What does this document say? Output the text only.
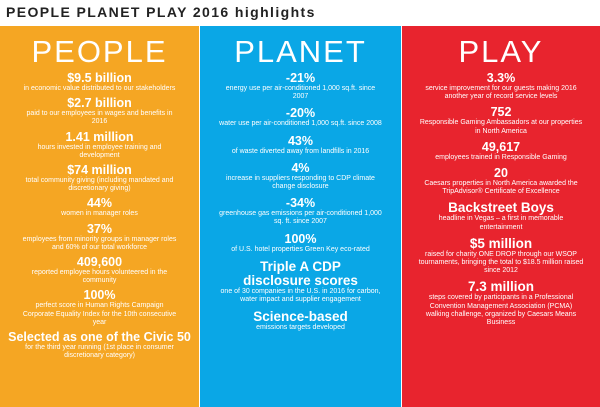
PEOPLE PLANET PLAY 2016 highlights
PEOPLE
$9.5 billion
in economic value distributed to our stakeholders
$2.7 billion
paid to our employees in wages and benefits in 2016
1.41 million
hours invested in employee training and development
$74 million
total community giving (including mandated and discretionary giving)
44%
women in manager roles
37%
employees from minority groups in manager roles and 60% of our total workforce
409,600
reported employee hours volunteered in the community
100%
perfect score in Human Rights Campaign Corporate Equality Index for the 10th consecutive year
Selected as one of the Civic 50
for the third year running (1st place in consumer discretionary category)
PLANET
-21%
energy use per air-conditioned 1,000 sq.ft. since 2007
-20%
water use per air-conditioned 1,000 sq.ft. since 2008
43%
of waste diverted away from landfills in 2016
4%
increase in suppliers responding to CDP climate change disclosure
-34%
greenhouse gas emissions per air-conditioned 1,000 sq. ft. since 2007
100%
of U.S. hotel properties Green Key eco-rated
Triple A CDP disclosure scores
one of 30 companies in the U.S. in 2016 for carbon, water impact and supplier engagement
Science-based
emissions targets developed
PLAY
3.3%
service improvement for our guests making 2016 another year of record service levels
752
Responsible Gaming Ambassadors at our properties in North America
49,617
employees trained in Responsible Gaming
20
Caesars properties in North America awarded the TripAdvisor® Certificate of Excellence
Backstreet Boys
headline in Vegas – a first in memorable entertainment
$5 million
raised for charity ONE DROP through our WSOP tournaments, bringing the total to $18.5 million raised since 2012
7.3 million
steps covered by participants in a Professional Convention Management Association (PCMA) walking challenge, organized by Caesars Means Business
